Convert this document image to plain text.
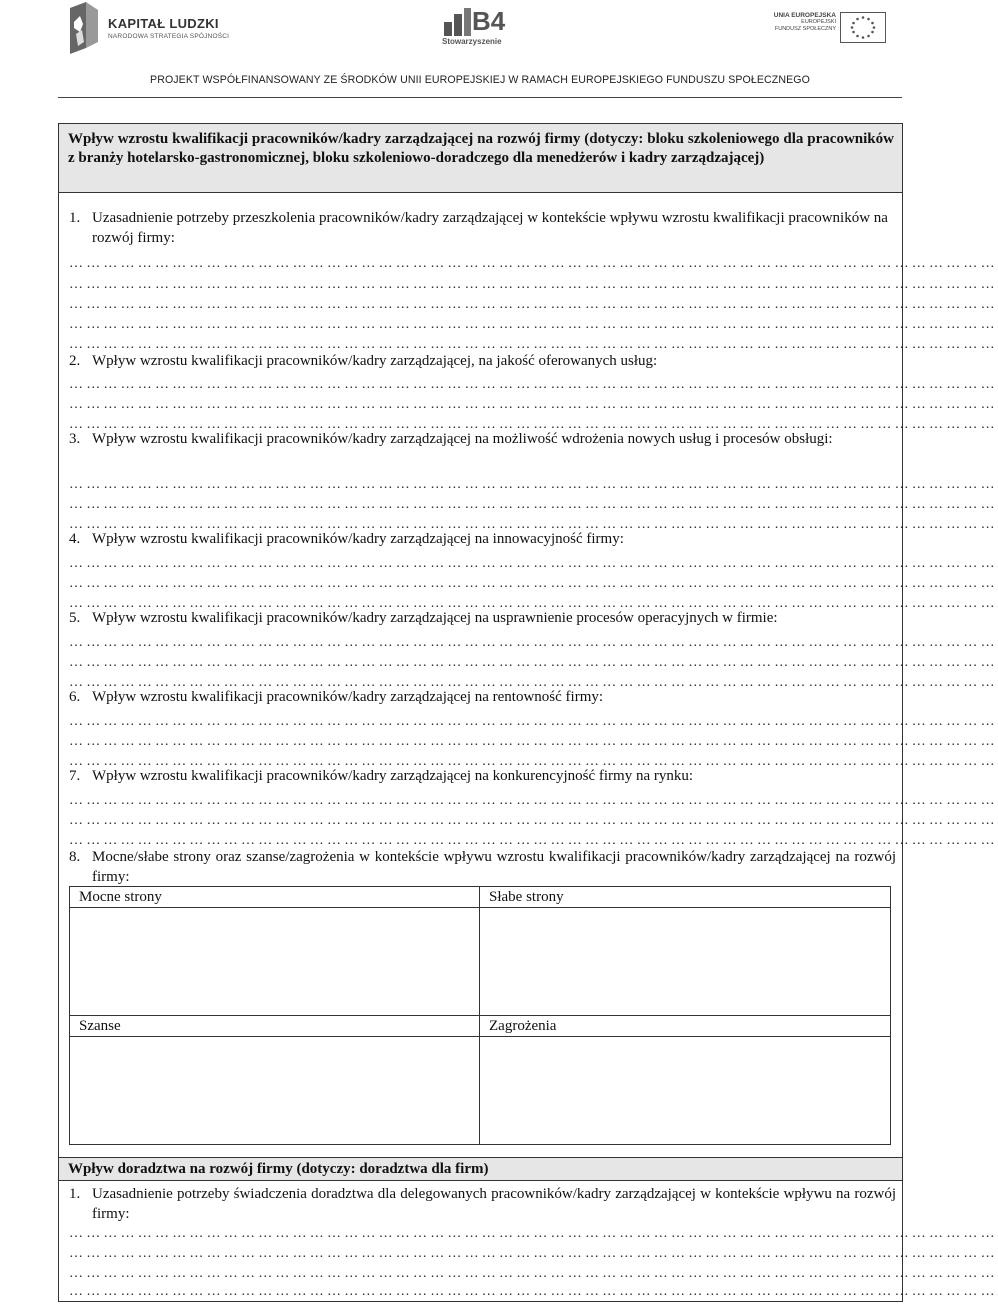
KAPITAŁ LUDZKI
NARODOWA STRATEGIA SPÓJNOŚCI
B4
Stowarzyszenie
UNIA EUROPEJSKA
EUROPEJSKI
FUNDUSZ SPOŁECZNY
PROJEKT WSPÓŁFINANSOWANY ZE ŚRODKÓW UNII EUROPEJSKIEJ W RAMACH EUROPEJSKIEGO FUNDUSZU SPOŁECZNEGO
Wpływ wzrostu kwalifikacji pracowników/kadry zarządzającej na rozwój firmy (dotyczy: bloku szkoleniowego dla pracowników z branży hotelarsko-gastronomicznej, bloku szkoleniowo-doradczego dla menedżerów i kadry zarządzającej)
1. Uzasadnienie potrzeby przeszkolenia pracowników/kadry zarządzającej w kontekście wpływu wzrostu kwalifikacji pracowników na rozwój firmy:
………………………………………………………………………………………………………………………………………………
………………………………………………………………………………………………………………………………………………
………………………………………………………………………………………………………………………………………………
………………………………………………………………………………………………………………………………………………
………………………………………………………………………………………………………………………………………………
2. Wpływ wzrostu kwalifikacji pracowników/kadry zarządzającej, na jakość oferowanych usług:
………………………………………………………………………………………………………………………………………………
………………………………………………………………………………………………………………………………………………
………………………………………………………………………………………………………………………………………………
3. Wpływ wzrostu kwalifikacji pracowników/kadry zarządzającej na możliwość wdrożenia nowych usług i procesów obsługi:
………………………………………………………………………………………………………………………………………………
………………………………………………………………………………………………………………………………………………
………………………………………………………………………………………………………………………………………………
4. Wpływ wzrostu kwalifikacji pracowników/kadry zarządzającej na innowacyjność firmy:
………………………………………………………………………………………………………………………………………………
………………………………………………………………………………………………………………………………………………
………………………………………………………………………………………………………………………………………………
5. Wpływ wzrostu kwalifikacji pracowników/kadry zarządzającej na usprawnienie procesów operacyjnych w firmie:
………………………………………………………………………………………………………………………………………………
………………………………………………………………………………………………………………………………………………
………………………………………………………………………………………………………………………………………………
6. Wpływ wzrostu kwalifikacji pracowników/kadry zarządzającej na rentowność firmy:
………………………………………………………………………………………………………………………………………………
………………………………………………………………………………………………………………………………………………
………………………………………………………………………………………………………………………………………………
7. Wpływ wzrostu kwalifikacji pracowników/kadry zarządzającej na konkurencyjność firmy na rynku:
………………………………………………………………………………………………………………………………………………
………………………………………………………………………………………………………………………………………………
………………………………………………………………………………………………………………………………………………
8. Mocne/słabe strony oraz szanse/zagrożenia w kontekście wpływu wzrostu kwalifikacji pracowników/kadry zarządzającej na rozwój firmy:
Mocne strony	Słabe strony
Szanse	Zagrożenia
Wpływ doradztwa na rozwój firmy (dotyczy: doradztwa dla firm)
1. Uzasadnienie potrzeby świadczenia doradztwa dla delegowanych pracowników/kadry zarządzającej w kontekście wpływu na rozwój firmy:
………………………………………………………………………………………………………………………………………………
………………………………………………………………………………………………………………………………………………
………………………………………………………………………………………………………………………………………………
………………………………………………………………………………………………………………………………………………
